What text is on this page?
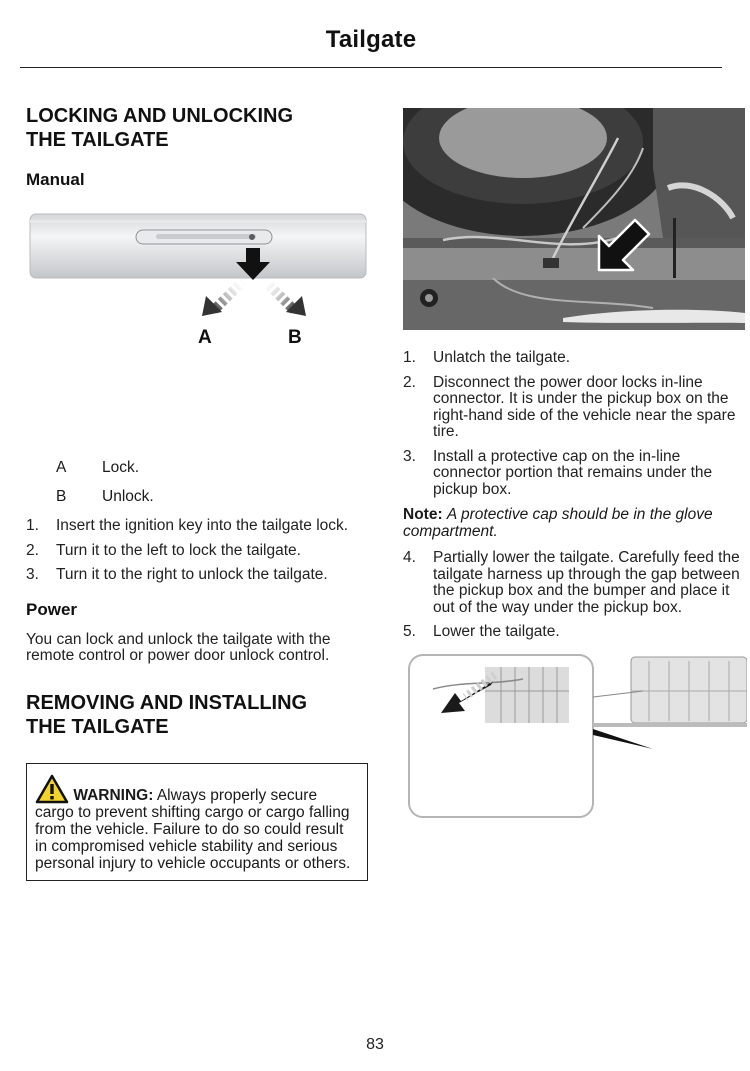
Tailgate
LOCKING AND UNLOCKING
THE TAILGATE
Manual
A	B
A	Lock.
B	Unlock.
1. Insert the ignition key into the tailgate lock.
2. Turn it to the left to lock the tailgate.
3. Turn it to the right to unlock the tailgate.
Power

You can lock and unlock the tailgate with the remote control or power door unlock control.

REMOVING AND INSTALLING
THE TAILGATE
WARNING: Always properly secure cargo to prevent shifting cargo or cargo falling from the vehicle. Failure to do so could result in compromised vehicle stability and serious personal injury to vehicle occupants or others.
1. Unlatch the tailgate.
2. Disconnect the power door locks in-line connector. It is under the pickup box on the right-hand side of the vehicle near the spare tire.
3. Install a protective cap on the in-line connector portion that remains under the pickup box.

Note: A protective cap should be in the glove compartment.

4. Partially lower the tailgate. Carefully feed the tailgate harness up through the gap between the pickup box and the bumper and place it out of the way under the pickup box.
5. Lower the tailgate.
83
